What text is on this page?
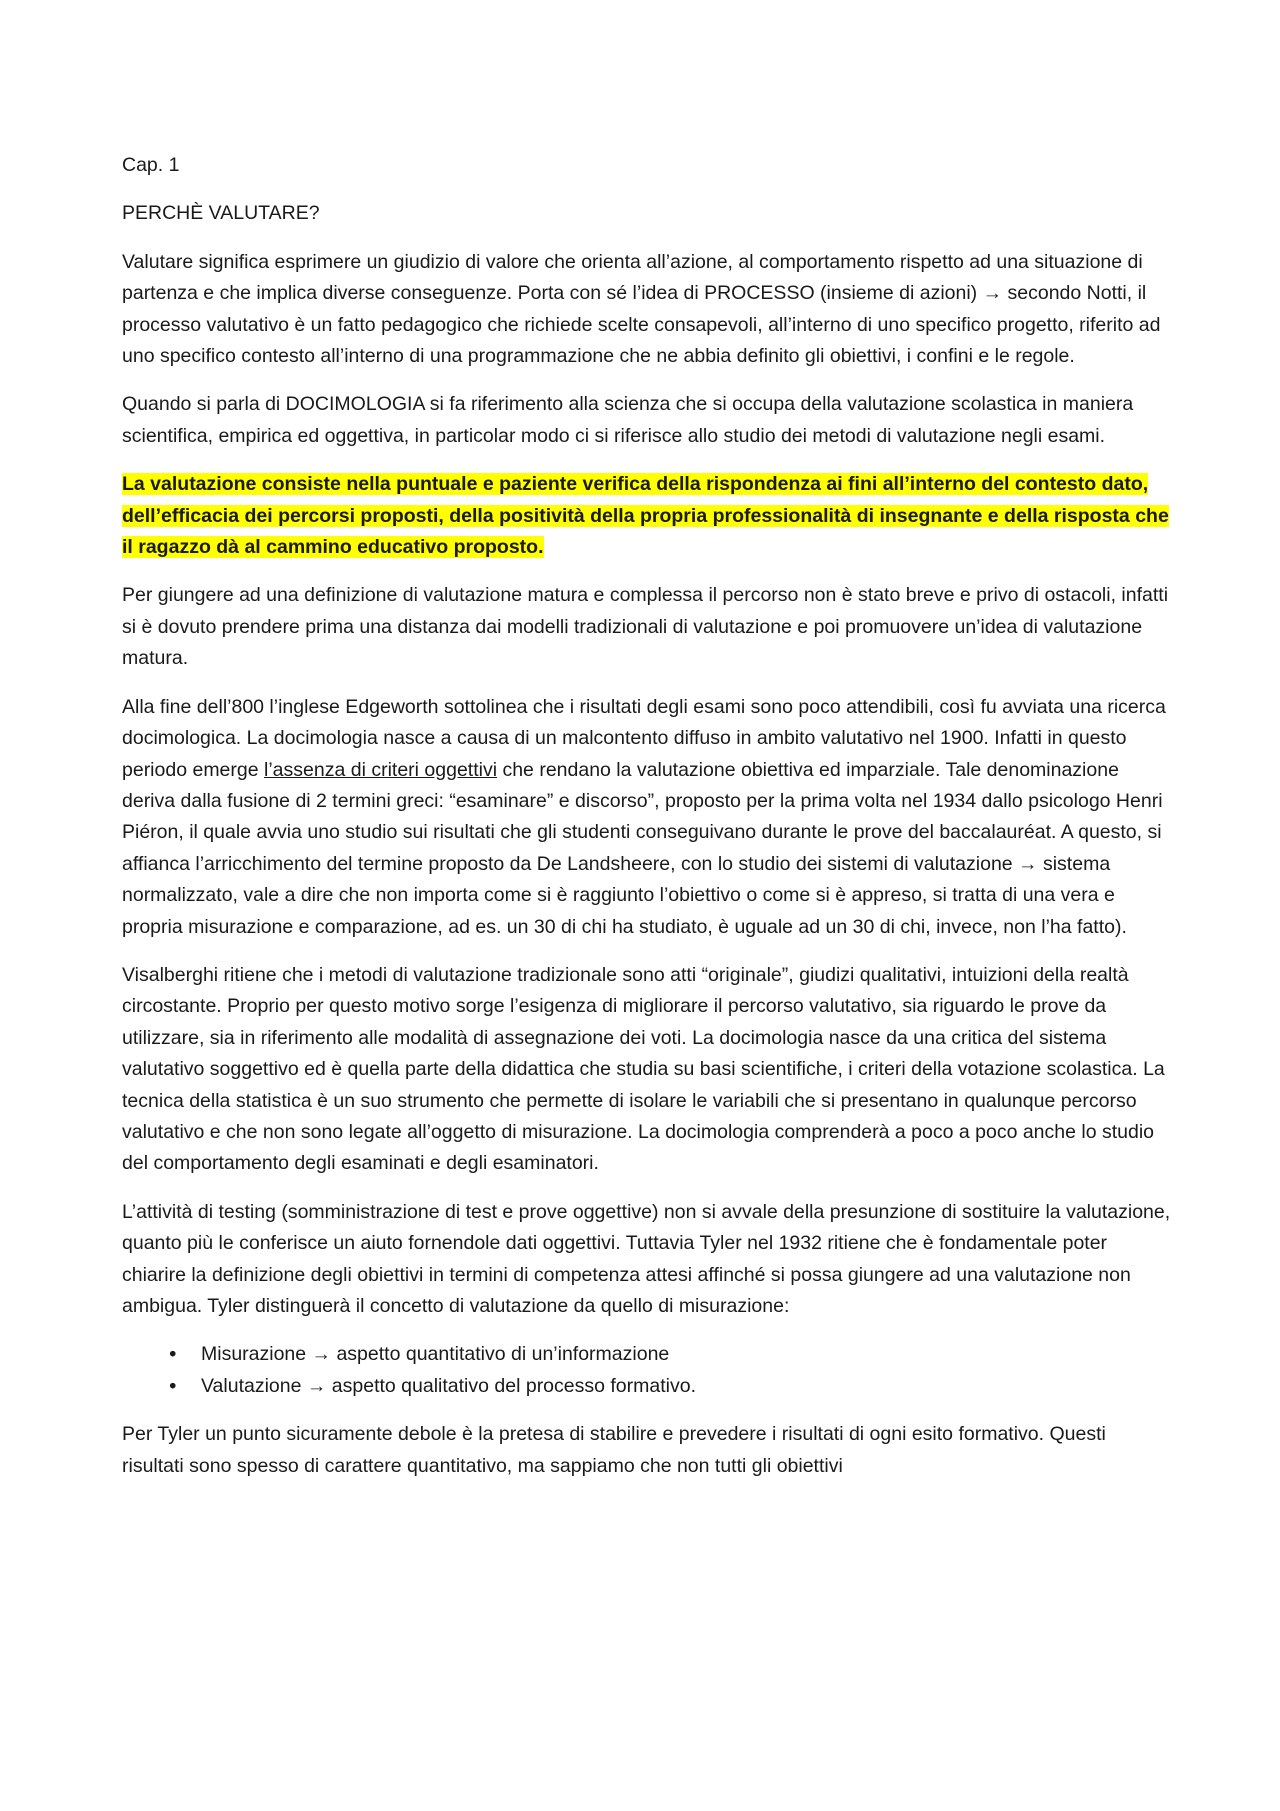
Cap. 1

PERCHÈ VALUTARE?

Valutare significa esprimere un giudizio di valore che orienta all’azione, al comportamento rispetto ad una situazione di partenza e che implica diverse conseguenze. Porta con sé l’idea di PROCESSO (insieme di azioni) → secondo Notti, il processo valutativo è un fatto pedagogico che richiede scelte consapevoli, all’interno di uno specifico progetto, riferito ad uno specifico contesto all’interno di una programmazione che ne abbia definito gli obiettivi, i confini e le regole.

Quando si parla di DOCIMOLOGIA si fa riferimento alla scienza che si occupa della valutazione scolastica in maniera scientifica, empirica ed oggettiva, in particolar modo ci si riferisce allo studio dei metodi di valutazione negli esami.

La valutazione consiste nella puntuale e paziente verifica della rispondenza ai fini all’interno del contesto dato, dell’efficacia dei percorsi proposti, della positività della propria professionalità di insegnante e della risposta che il ragazzo dà al cammino educativo proposto.

Per giungere ad una definizione di valutazione matura e complessa il percorso non è stato breve e privo di ostacoli, infatti si è dovuto prendere prima una distanza dai modelli tradizionali di valutazione e poi promuovere un’idea di valutazione matura.

Alla fine dell’800 l’inglese Edgeworth sottolinea che i risultati degli esami sono poco attendibili, così fu avviata una ricerca docimologica. La docimologia nasce a causa di un malcontento diffuso in ambito valutativo nel 1900. Infatti in questo periodo emerge l’assenza di criteri oggettivi che rendano la valutazione obiettiva ed imparziale. Tale denominazione deriva dalla fusione di 2 termini greci: “esaminare” e discorso”, proposto per la prima volta nel 1934 dallo psicologo Henri Piéron, il quale avvia uno studio sui risultati che gli studenti conseguivano durante le prove del baccalauréat. A questo, si affianca l’arricchimento del termine proposto da De Landsheere, con lo studio dei sistemi di valutazione → sistema normalizzato, vale a dire che non importa come si è raggiunto l’obiettivo o come si è appreso, si tratta di una vera e propria misurazione e comparazione, ad es. un 30 di chi ha studiato, è uguale ad un 30 di chi, invece, non l’ha fatto).

Visalberghi ritiene che i metodi di valutazione tradizionale sono atti “originale”, giudizi qualitativi, intuizioni della realtà circostante. Proprio per questo motivo sorge l’esigenza di migliorare il percorso valutativo, sia riguardo le prove da utilizzare, sia in riferimento alle modalità di assegnazione dei voti. La docimologia nasce da una critica del sistema valutativo soggettivo ed è quella parte della didattica che studia su basi scientifiche, i criteri della votazione scolastica. La tecnica della statistica è un suo strumento che permette di isolare le variabili che si presentano in qualunque percorso valutativo e che non sono legate all’oggetto di misurazione. La docimologia comprenderà a poco a poco anche lo studio del comportamento degli esaminati e degli esaminatori.

L’attività di testing (somministrazione di test e prove oggettive) non si avvale della presunzione di sostituire la valutazione, quanto più le conferisce un aiuto fornendole dati oggettivi. Tuttavia Tyler nel 1932 ritiene che è fondamentale poter chiarire la definizione degli obiettivi in termini di competenza attesi affinché si possa giungere ad una valutazione non ambigua. Tyler distinguerà il concetto di valutazione da quello di misurazione:

• Misurazione → aspetto quantitativo di un’informazione
• Valutazione → aspetto qualitativo del processo formativo.

Per Tyler un punto sicuramente debole è la pretesa di stabilire e prevedere i risultati di ogni esito formativo. Questi risultati sono spesso di carattere quantitativo, ma sappiamo che non tutti gli obiettivi
